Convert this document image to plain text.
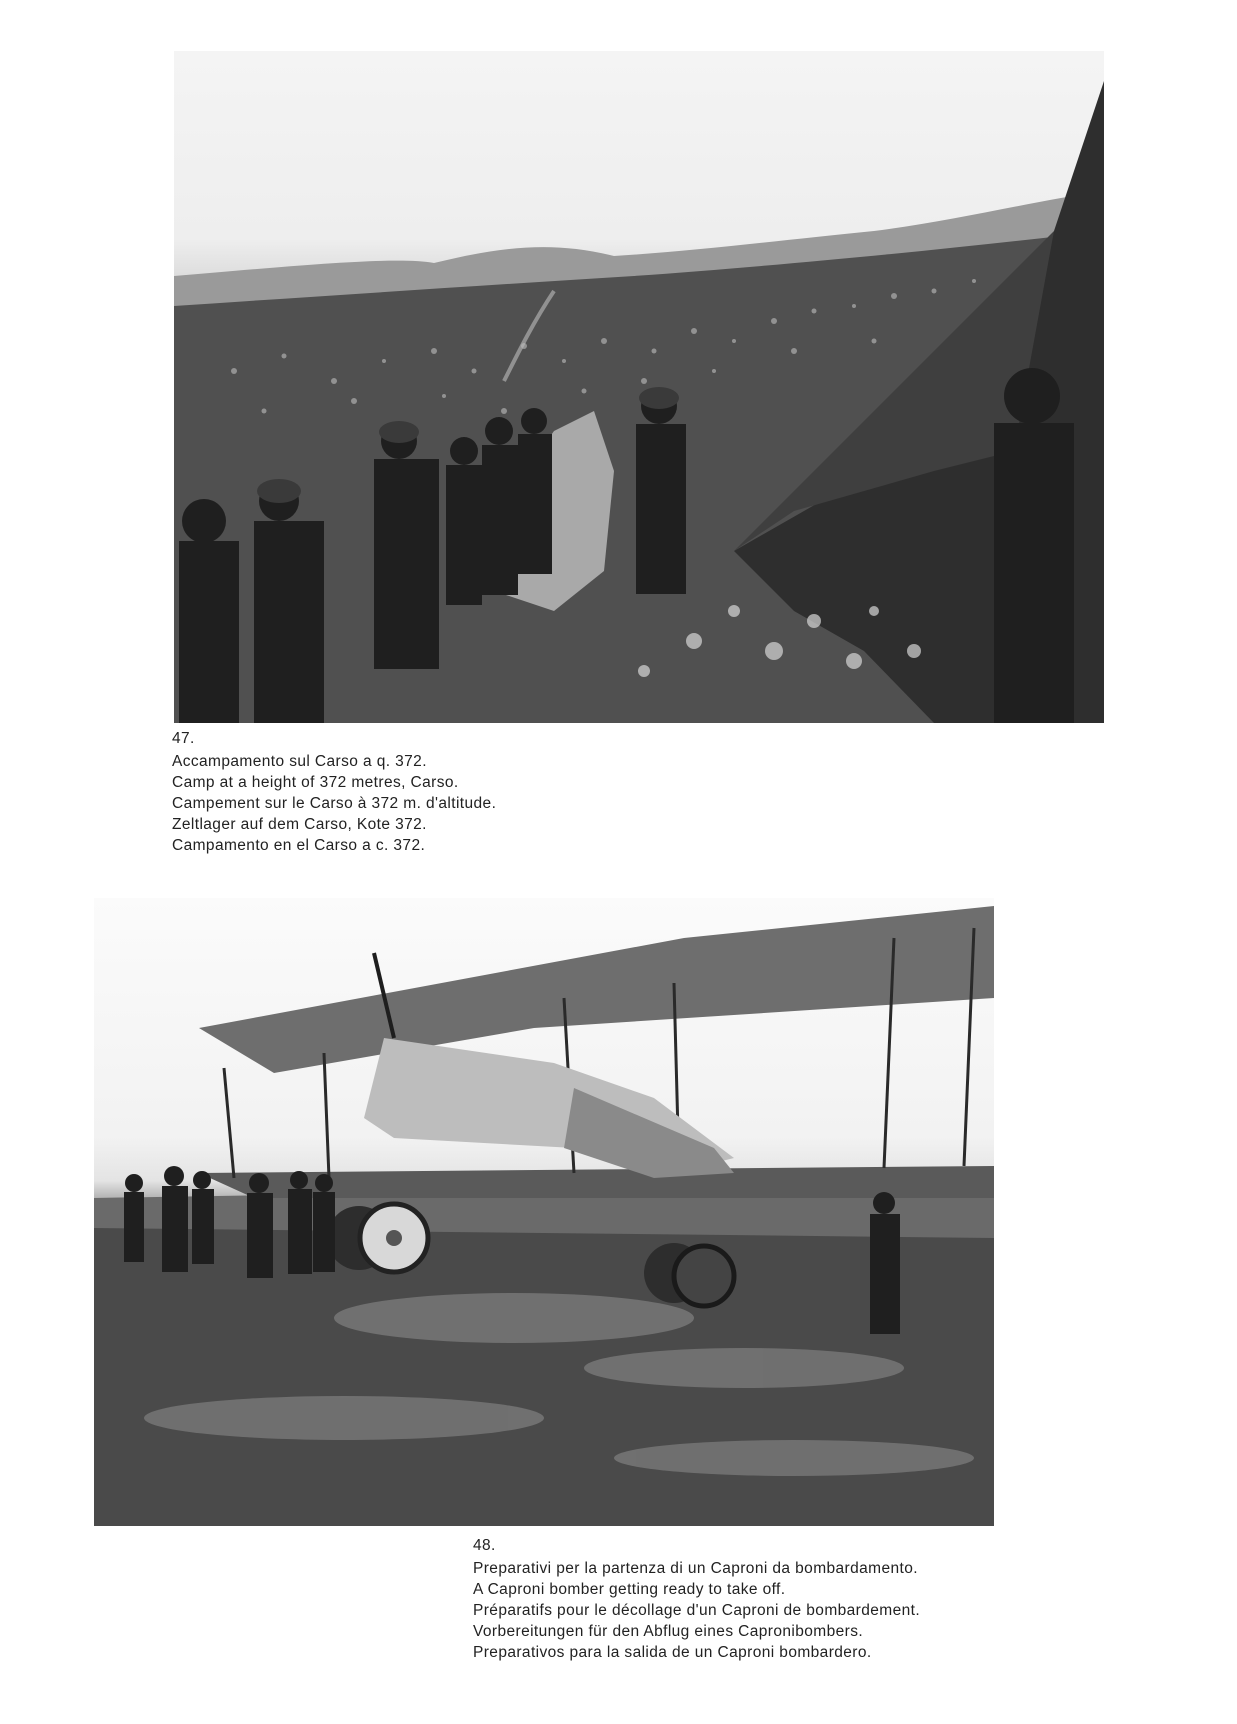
47.
Accampamento sul Carso a q. 372.
Camp at a height of 372 metres, Carso.
Campement sur le Carso à 372 m. d'altitude.
Zeltlager auf dem Carso, Kote 372.
Campamento en el Carso a c. 372.
48.
Preparativi per la partenza di un Caproni da bombardamento.
A Caproni bomber getting ready to take off.
Préparatifs pour le décollage d'un Caproni de bombardement.
Vorbereitungen für den Abflug eines Capronibombers.
Preparativos para la salida de un Caproni bombardero.
